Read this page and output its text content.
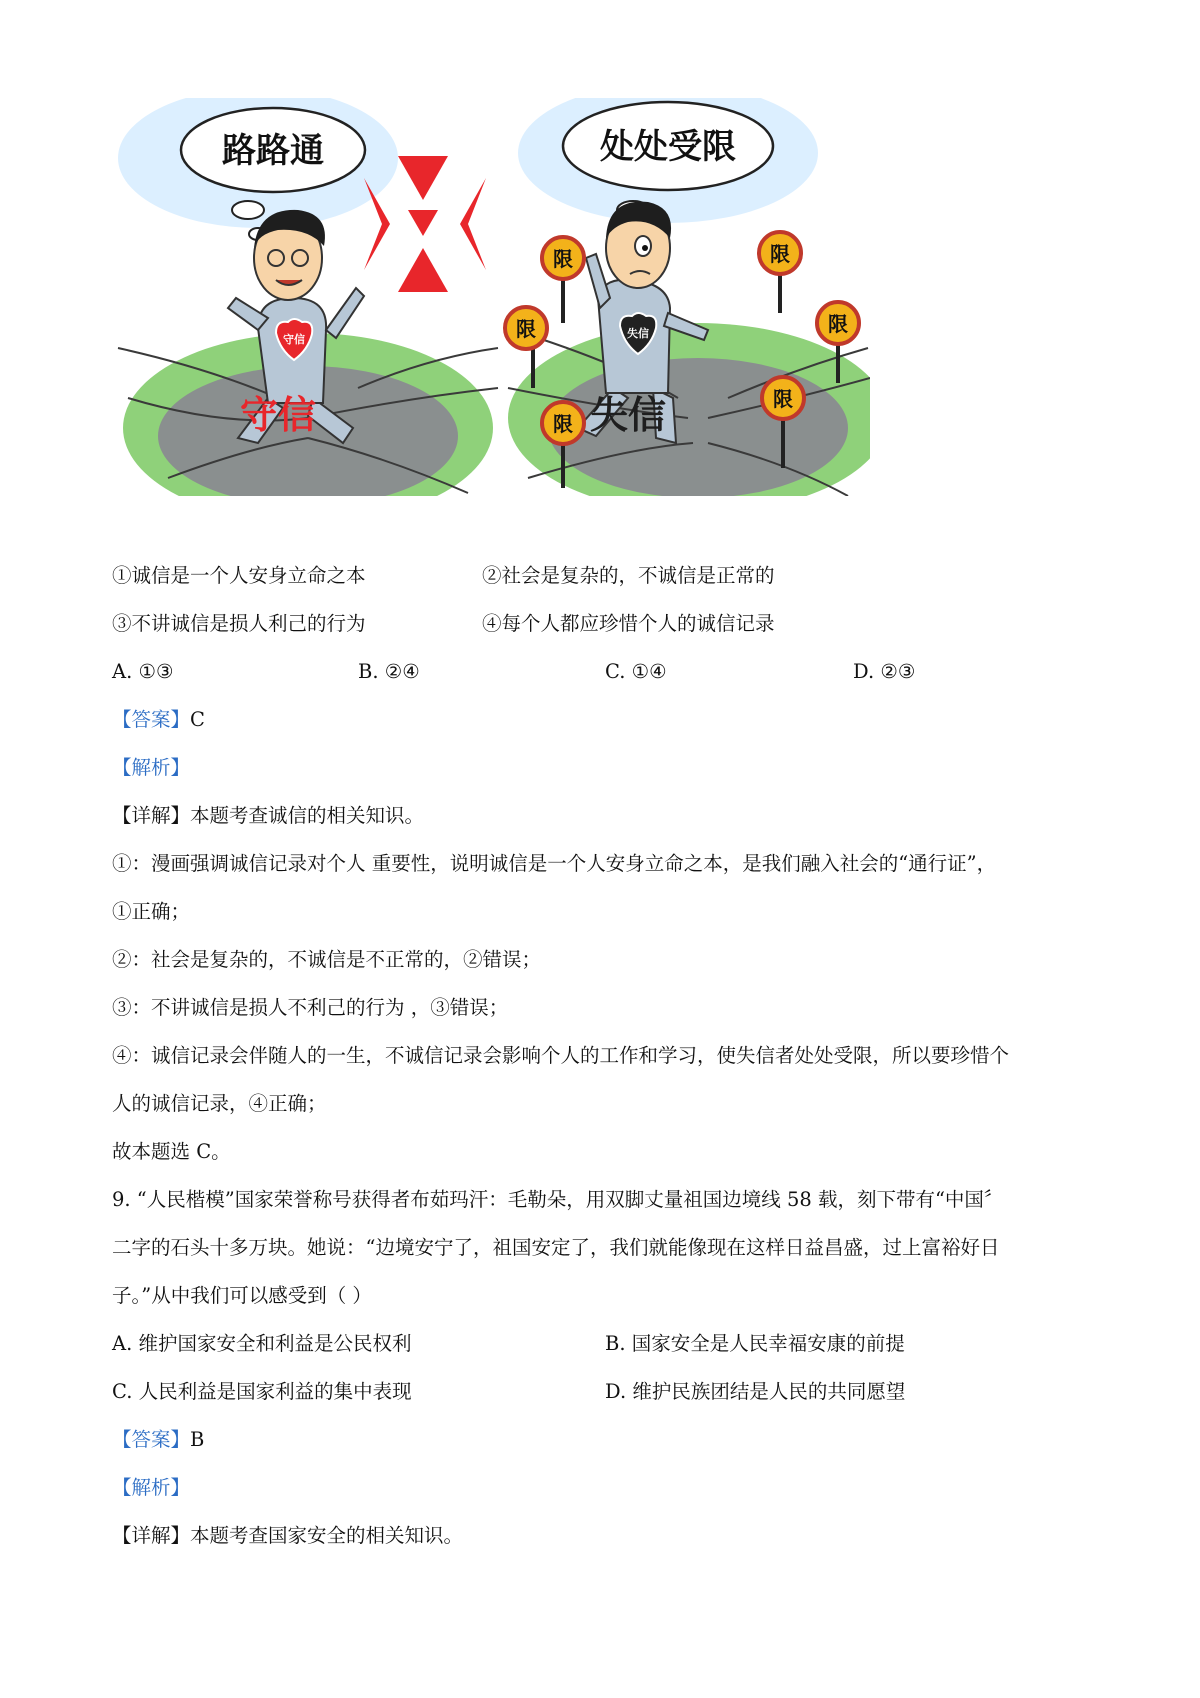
路路通	处处受限
守信
守信
失信
失信
限
限
限
限
限
限
①诚信是一个人安身立命之本	②社会是复杂的，不诚信是正常的
③不讲诚信是损人利己的行为	④每个人都应珍惜个人的诚信记录
A. ①③	B. ②④	C. ①④	D. ②③
【答案】C
【解析】
【详解】本题考查诚信的相关知识。
①：漫画强调诚信记录对个人 重要性，说明诚信是一个人安身立命之本，是我们融入社会的“通行证”，
①正确；
②：社会是复杂的，不诚信是不正常的，②错误；
③：不讲诚信是损人不利己的行为 ，③错误；
④：诚信记录会伴随人的一生，不诚信记录会影响个人的工作和学习，使失信者处处受限，所以要珍惜个
人的诚信记录，④正确；
故本题选 C。
9. “人民楷模”国家荣誉称号获得者布茹玛汗：毛勒朵，用双脚丈量祖国边境线 58 载，刻下带有“中国〞
二字的石头十多万块。她说：“边境安宁了，祖国安定了，我们就能像现在这样日益昌盛，过上富裕好日
子。”从中我们可以感受到（ ）
A. 维护国家安全和利益是公民权利	B. 国家安全是人民幸福安康的前提
C. 人民利益是国家利益的集中表现	D. 维护民族团结是人民的共同愿望
【答案】B
【解析】
【详解】本题考查国家安全的相关知识。
